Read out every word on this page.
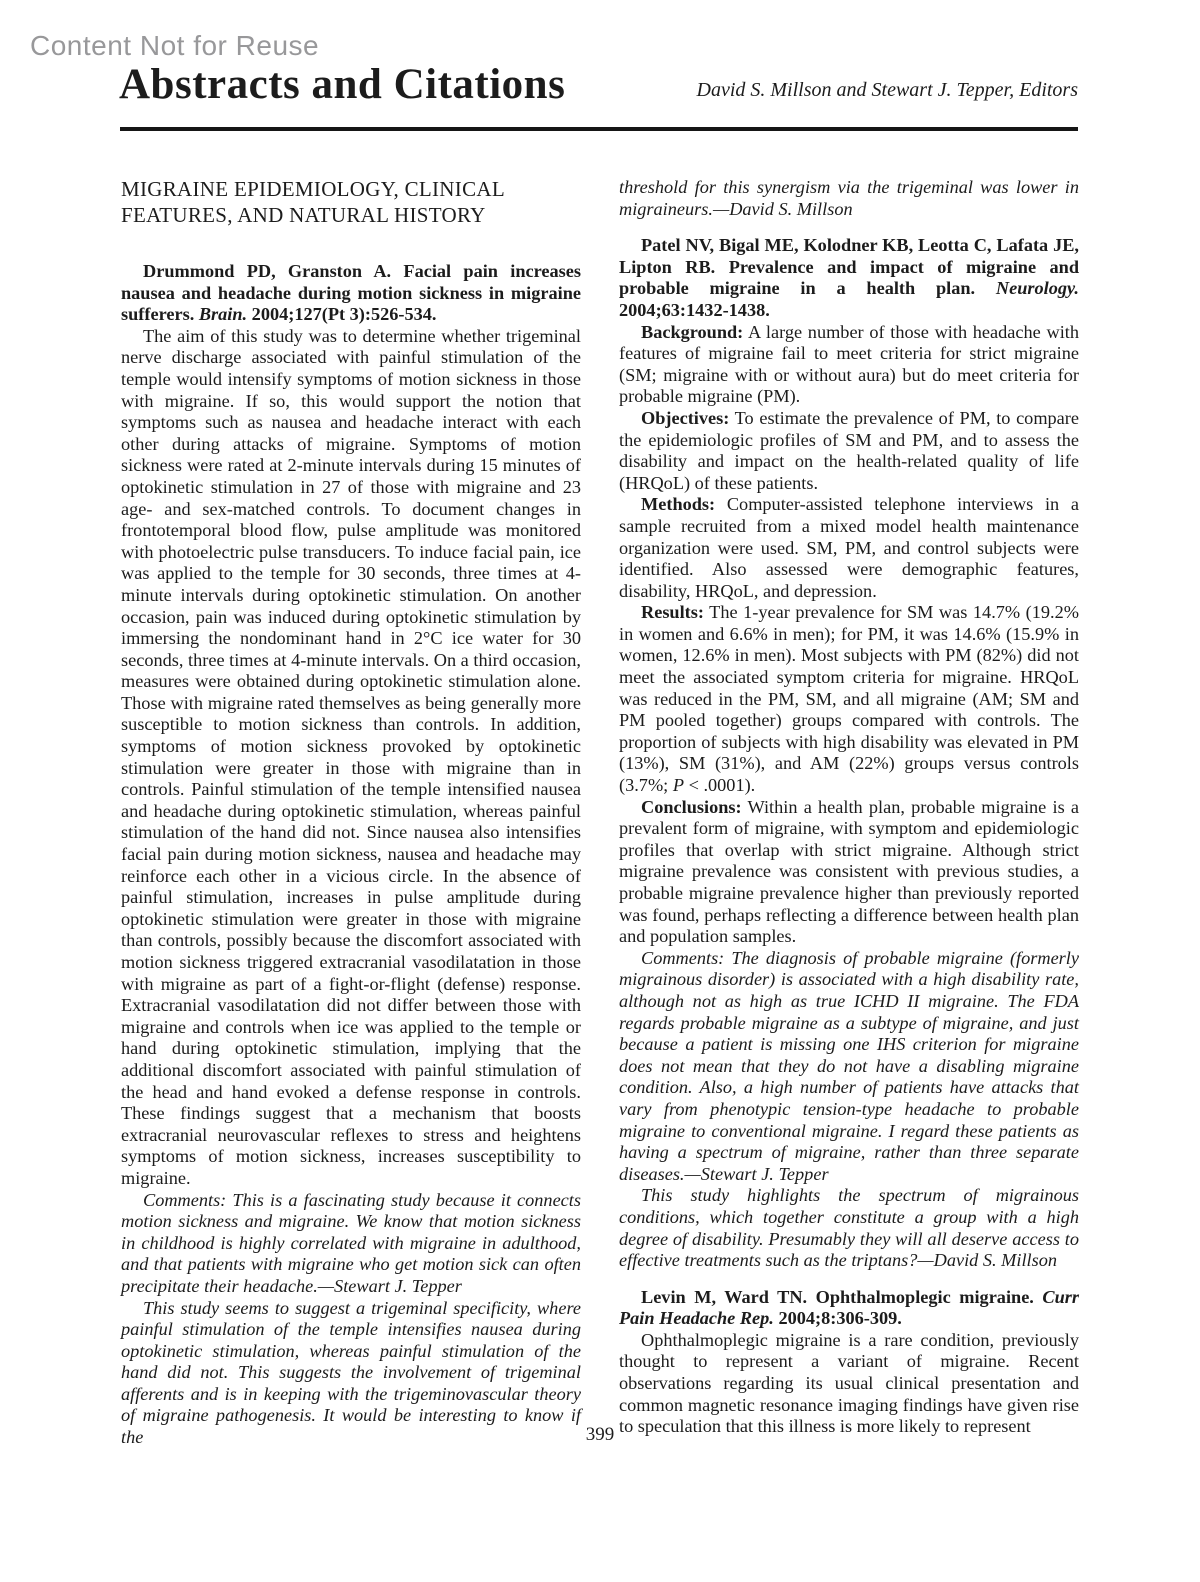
Content Not for Reuse
Abstracts and Citations	David S. Millson and Stewart J. Tepper, Editors
MIGRAINE EPIDEMIOLOGY, CLINICAL
FEATURES, AND NATURAL HISTORY

Drummond PD, Granston A. Facial pain increases nausea and headache during motion sickness in migraine sufferers. Brain. 2004;127(Pt 3):526-534.

The aim of this study was to determine whether trigeminal nerve discharge associated with painful stimulation of the temple would intensify symptoms of motion sickness in those with migraine. If so, this would support the notion that symptoms such as nausea and headache interact with each other during attacks of migraine. Symptoms of motion sickness were rated at 2-minute intervals during 15 minutes of optokinetic stimulation in 27 of those with migraine and 23 age- and sex-matched controls. To document changes in frontotemporal blood flow, pulse amplitude was monitored with photoelectric pulse transducers. To induce facial pain, ice was applied to the temple for 30 seconds, three times at 4-minute intervals during optokinetic stimulation. On another occasion, pain was induced during optokinetic stimulation by immersing the nondominant hand in 2°C ice water for 30 seconds, three times at 4-minute intervals. On a third occasion, measures were obtained during optokinetic stimulation alone. Those with migraine rated themselves as being generally more susceptible to motion sickness than controls. In addition, symptoms of motion sickness provoked by optokinetic stimulation were greater in those with migraine than in controls. Painful stimulation of the temple intensified nausea and headache during optokinetic stimulation, whereas painful stimulation of the hand did not. Since nausea also intensifies facial pain during motion sickness, nausea and headache may reinforce each other in a vicious circle. In the absence of painful stimulation, increases in pulse amplitude during optokinetic stimulation were greater in those with migraine than controls, possibly because the discomfort associated with motion sickness triggered extracranial vasodilatation in those with migraine as part of a fight-or-flight (defense) response. Extracranial vasodilatation did not differ between those with migraine and controls when ice was applied to the temple or hand during optokinetic stimulation, implying that the additional discomfort associated with painful stimulation of the head and hand evoked a defense response in controls. These findings suggest that a mechanism that boosts extracranial neurovascular reflexes to stress and heightens symptoms of motion sickness, increases susceptibility to migraine.

Comments: This is a fascinating study because it connects motion sickness and migraine. We know that motion sickness in childhood is highly correlated with migraine in adulthood, and that patients with migraine who get motion sick can often precipitate their headache.—Stewart J. Tepper

This study seems to suggest a trigeminal specificity, where painful stimulation of the temple intensifies nausea during optokinetic stimulation, whereas painful stimulation of the hand did not. This suggests the involvement of trigeminal afferents and is in keeping with the trigeminovascular theory of migraine pathogenesis. It would be interesting to know if the

threshold for this synergism via the trigeminal was lower in migraineurs.—David S. Millson

Patel NV, Bigal ME, Kolodner KB, Leotta C, Lafata JE, Lipton RB. Prevalence and impact of migraine and probable migraine in a health plan. Neurology. 2004;63:1432-1438.

Background: A large number of those with headache with features of migraine fail to meet criteria for strict migraine (SM; migraine with or without aura) but do meet criteria for probable migraine (PM).

Objectives: To estimate the prevalence of PM, to compare the epidemiologic profiles of SM and PM, and to assess the disability and impact on the health-related quality of life (HRQoL) of these patients.

Methods: Computer-assisted telephone interviews in a sample recruited from a mixed model health maintenance organization were used. SM, PM, and control subjects were identified. Also assessed were demographic features, disability, HRQoL, and depression.

Results: The 1-year prevalence for SM was 14.7% (19.2% in women and 6.6% in men); for PM, it was 14.6% (15.9% in women, 12.6% in men). Most subjects with PM (82%) did not meet the associated symptom criteria for migraine. HRQoL was reduced in the PM, SM, and all migraine (AM; SM and PM pooled together) groups compared with controls. The proportion of subjects with high disability was elevated in PM (13%), SM (31%), and AM (22%) groups versus controls (3.7%; P < .0001).

Conclusions: Within a health plan, probable migraine is a prevalent form of migraine, with symptom and epidemiologic profiles that overlap with strict migraine. Although strict migraine prevalence was consistent with previous studies, a probable migraine prevalence higher than previously reported was found, perhaps reflecting a difference between health plan and population samples.

Comments: The diagnosis of probable migraine (formerly migrainous disorder) is associated with a high disability rate, although not as high as true ICHD II migraine. The FDA regards probable migraine as a subtype of migraine, and just because a patient is missing one IHS criterion for migraine does not mean that they do not have a disabling migraine condition. Also, a high number of patients have attacks that vary from phenotypic tension-type headache to probable migraine to conventional migraine. I regard these patients as having a spectrum of migraine, rather than three separate diseases.—Stewart J. Tepper

This study highlights the spectrum of migrainous conditions, which together constitute a group with a high degree of disability. Presumably they will all deserve access to effective treatments such as the triptans?—David S. Millson

Levin M, Ward TN. Ophthalmoplegic migraine. Curr Pain Headache Rep. 2004;8:306-309.

Ophthalmoplegic migraine is a rare condition, previously thought to represent a variant of migraine. Recent observations regarding its usual clinical presentation and common magnetic resonance imaging findings have given rise to speculation that this illness is more likely to represent

399
